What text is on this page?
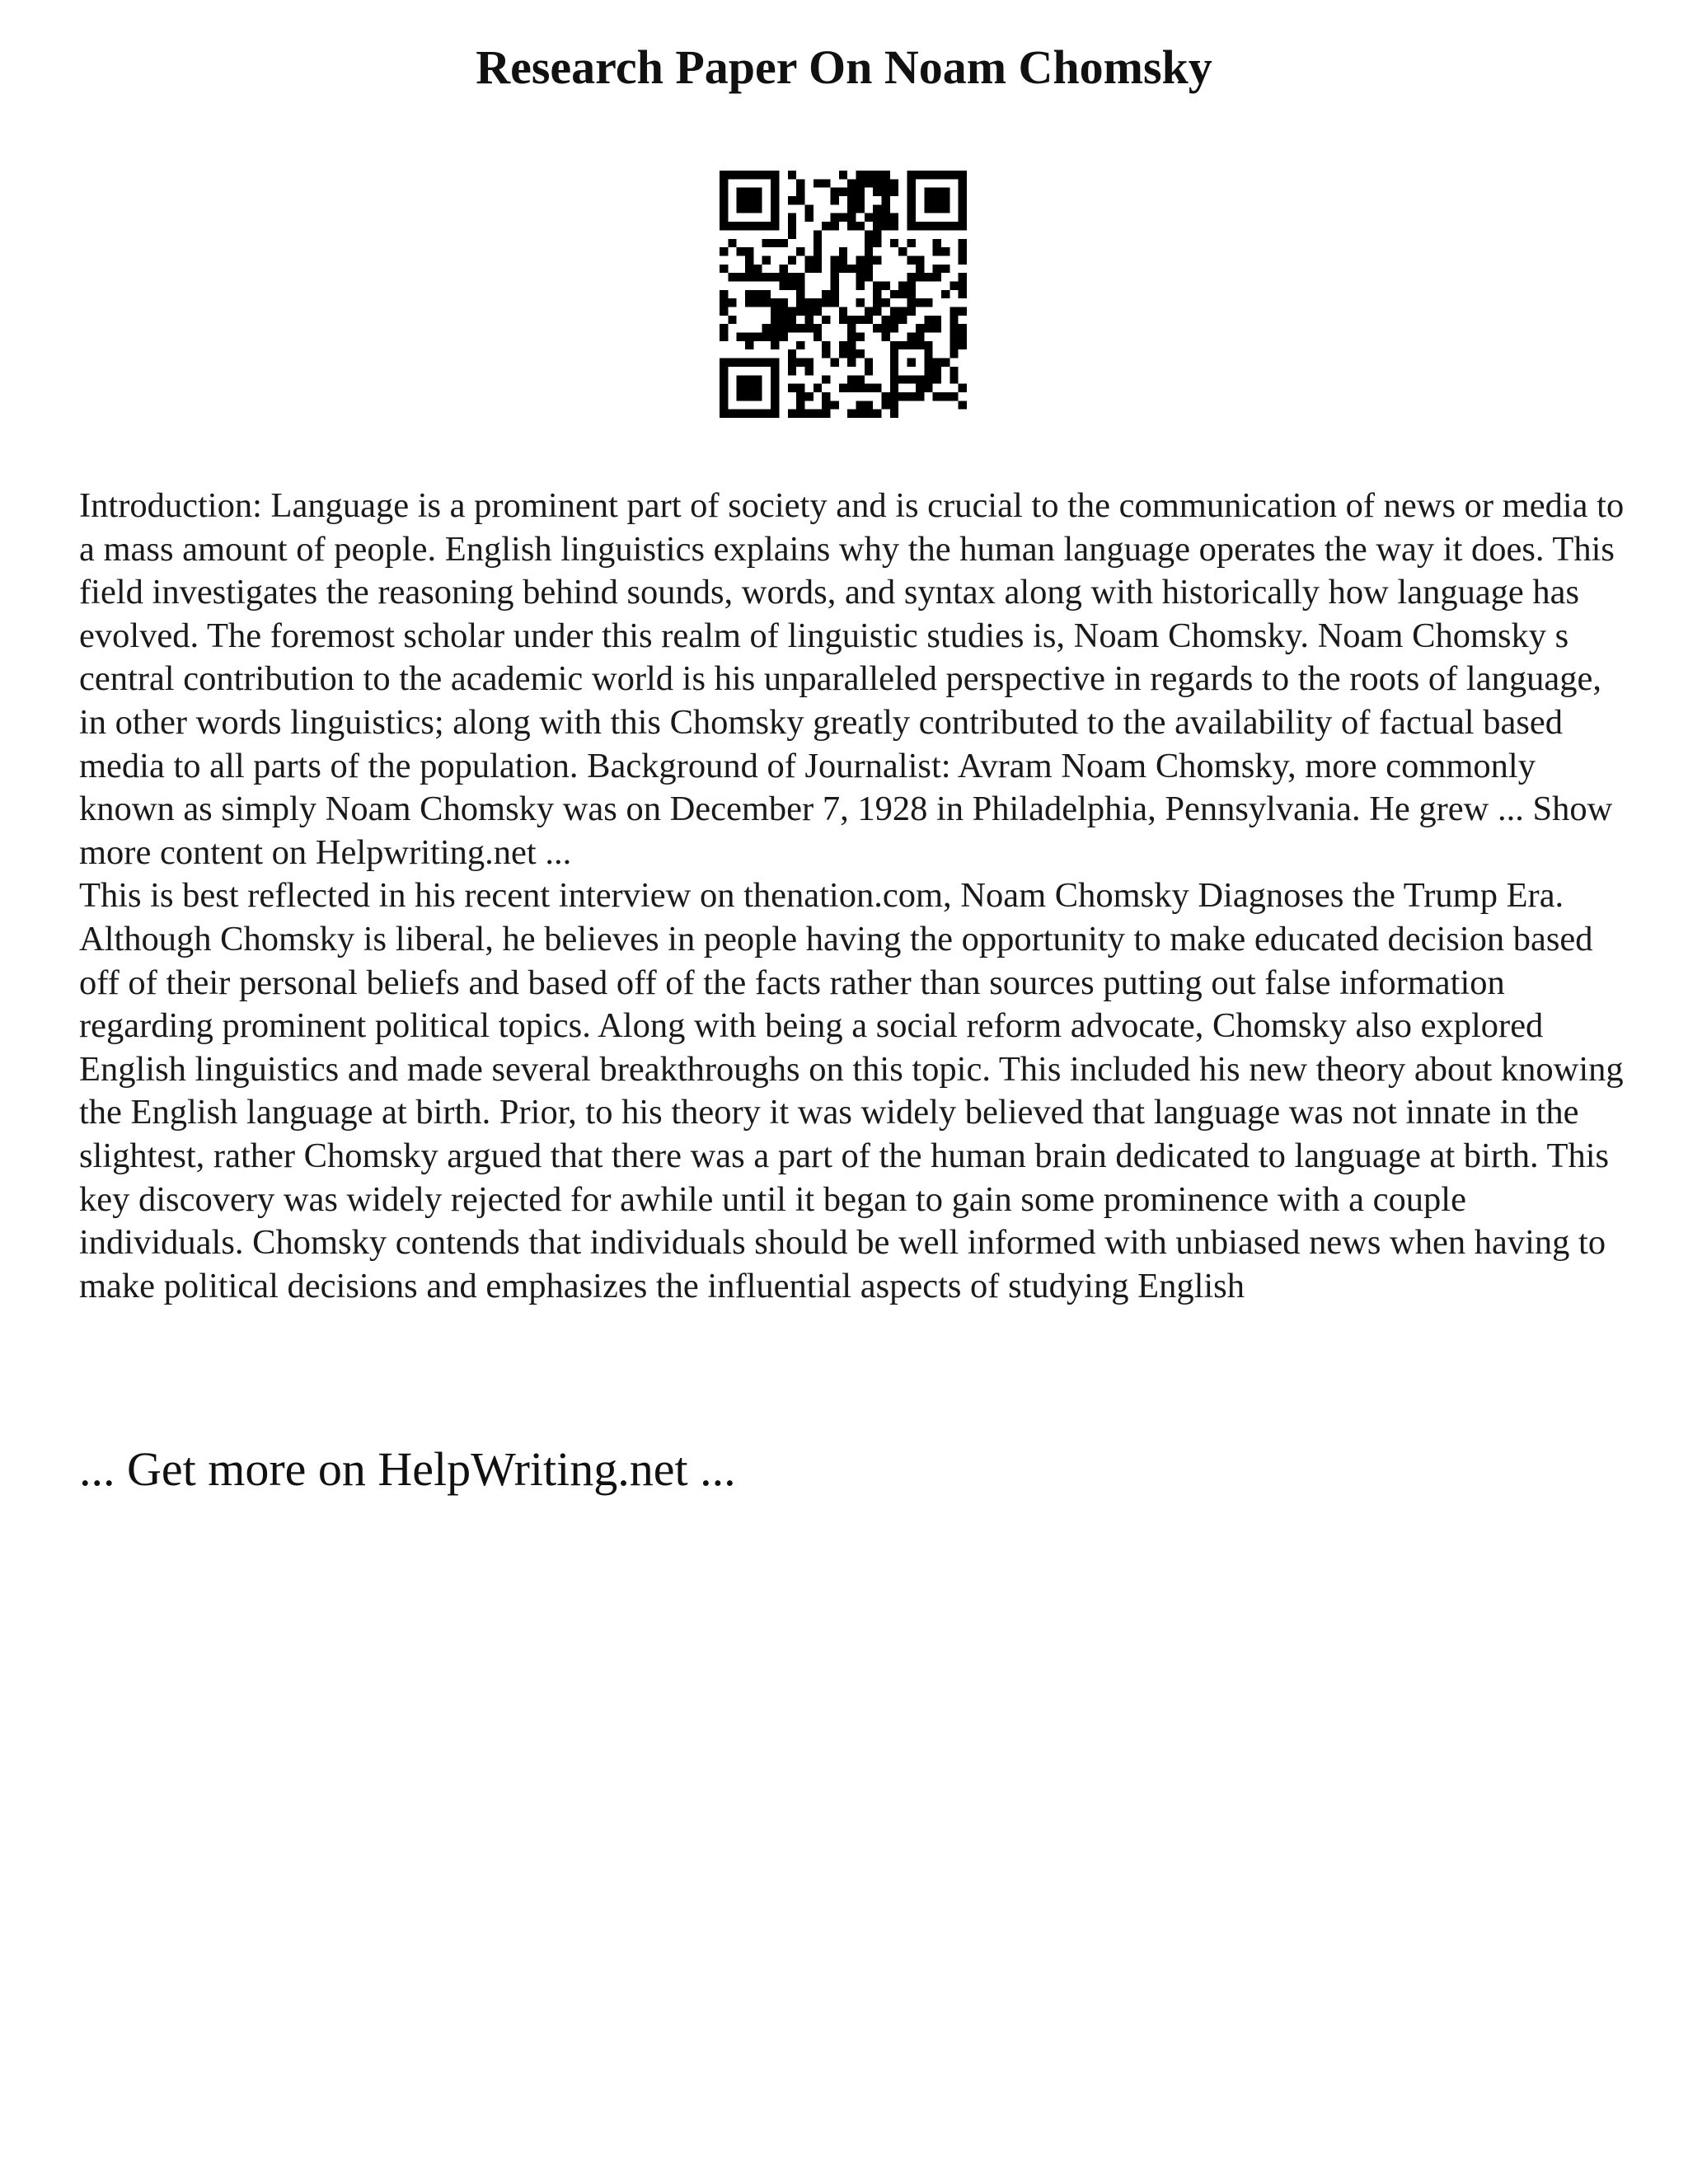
Research Paper On Noam Chomsky

Introduction: Language is a prominent part of society and is crucial to the communication of news or media to a mass amount of people. English linguistics explains why the human language operates the way it does. This field investigates the reasoning behind sounds, words, and syntax along with historically how language has evolved. The foremost scholar under this realm of linguistic studies is, Noam Chomsky. Noam Chomsky s central contribution to the academic world is his unparalleled perspective in regards to the roots of language, in other words linguistics; along with this Chomsky greatly contributed to the availability of factual based media to all parts of the population. Background of Journalist: Avram Noam Chomsky, more commonly known as simply Noam Chomsky was on December 7, 1928 in Philadelphia, Pennsylvania. He grew ... Show more content on Helpwriting.net ...

This is best reflected in his recent interview on thenation.com, Noam Chomsky Diagnoses the Trump Era. Although Chomsky is liberal, he believes in people having the opportunity to make educated decision based off of their personal beliefs and based off of the facts rather than sources putting out false information regarding prominent political topics. Along with being a social reform advocate, Chomsky also explored English linguistics and made several breakthroughs on this topic. This included his new theory about knowing the English language at birth. Prior, to his theory it was widely believed that language was not innate in the slightest, rather Chomsky argued that there was a part of the human brain dedicated to language at birth. This key discovery was widely rejected for awhile until it began to gain some prominence with a couple individuals. Chomsky contends that individuals should be well informed with unbiased news when having to make political decisions and emphasizes the influential aspects of studying English

... Get more on HelpWriting.net ...
